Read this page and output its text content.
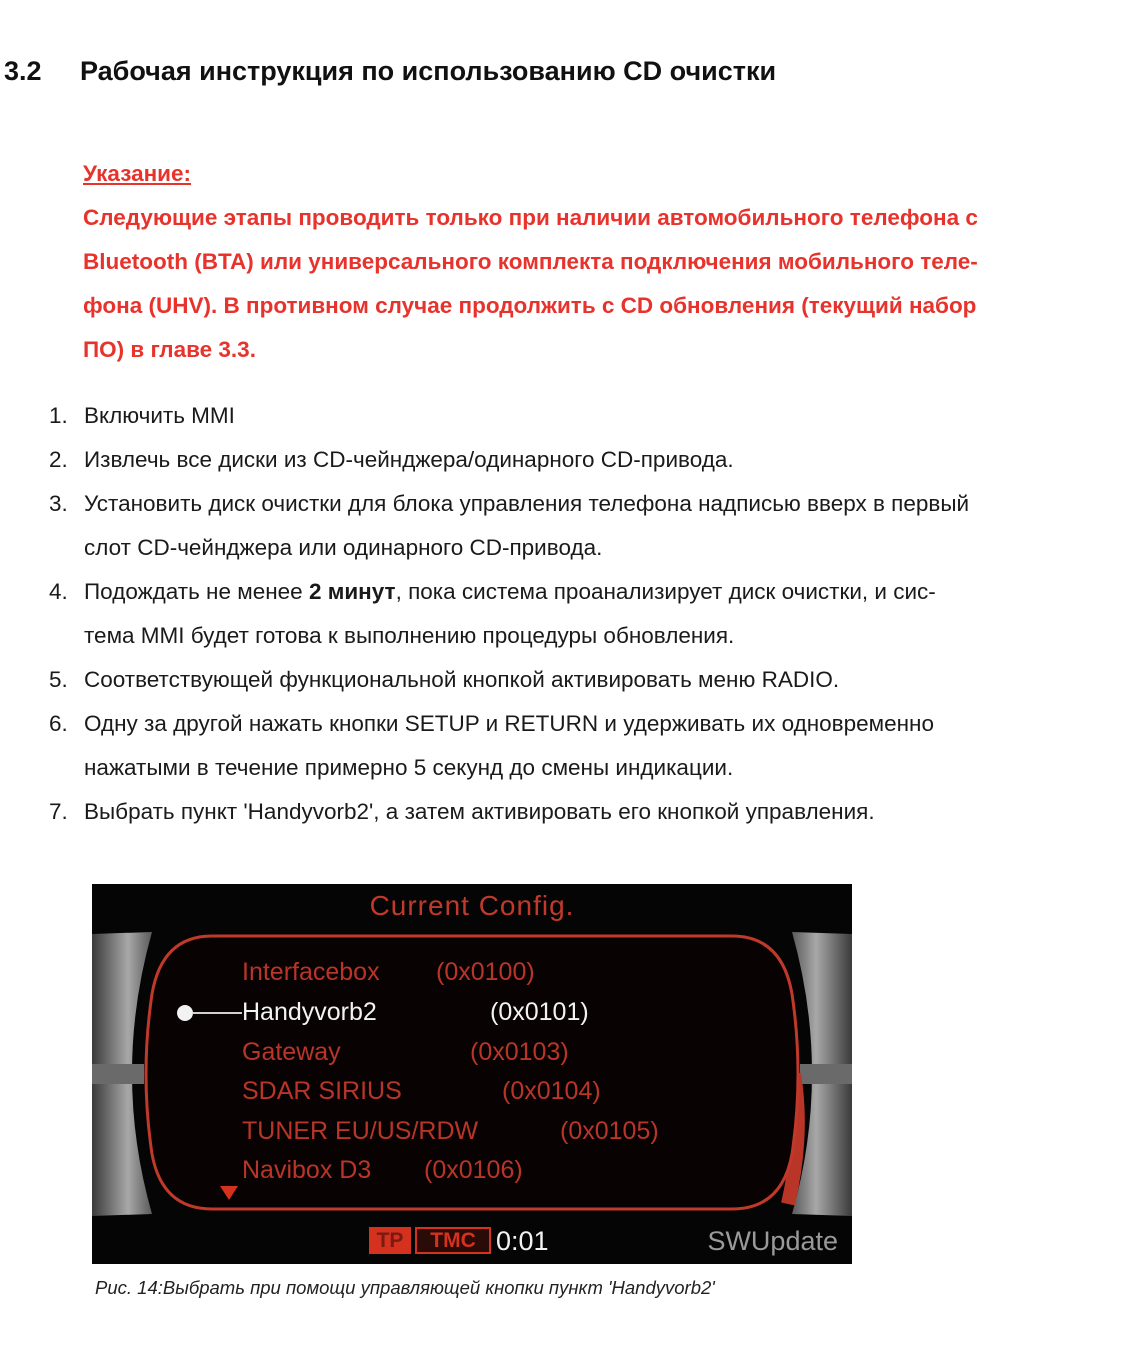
3.2 Рабочая инструкция по использованию CD очистки
Указание:
Следующие этапы проводить только при наличии автомобильного телефона с
Bluetooth (BTA) или универсального комплекта подключения мобильного теле-
фона (UHV). В противном случае продолжить с CD обновления (текущий набор
ПО) в главе 3.3.
1. Включить MMI
2. Извлечь все диски из CD-чейнджера/одинарного CD-привода.
3. Установить диск очистки для блока управления телефона надписью вверх в первый
слот CD-чейнджера или одинарного CD-привода.
4. Подождать не менее 2 минут, пока система проанализирует диск очистки, и сис-
тема MMI будет готова к выполнению процедуры обновления.
5. Соответствующей функциональной кнопкой активировать меню RADIO.
6. Одну за другой нажать кнопки SETUP и RETURN и удерживать их одновременно
нажатыми в течение примерно 5 секунд до смены индикации.
7. Выбрать пункт 'Handyvorb2', а затем активировать его кнопкой управления.
Current Config.
Interfacebox (0x0100)
Handyvorb2	(0x0101)
Gateway	(0x0103)
SDAR SIRIUS	(0x0104)
TUNER EU/US/RDW	(0x0105)
Navibox D3 (0x0106)
TP	TMC 0:01	SWUpdate
Рис. 14:Выбрать при помощи управляющей кнопки пункт 'Handyvorb2'
